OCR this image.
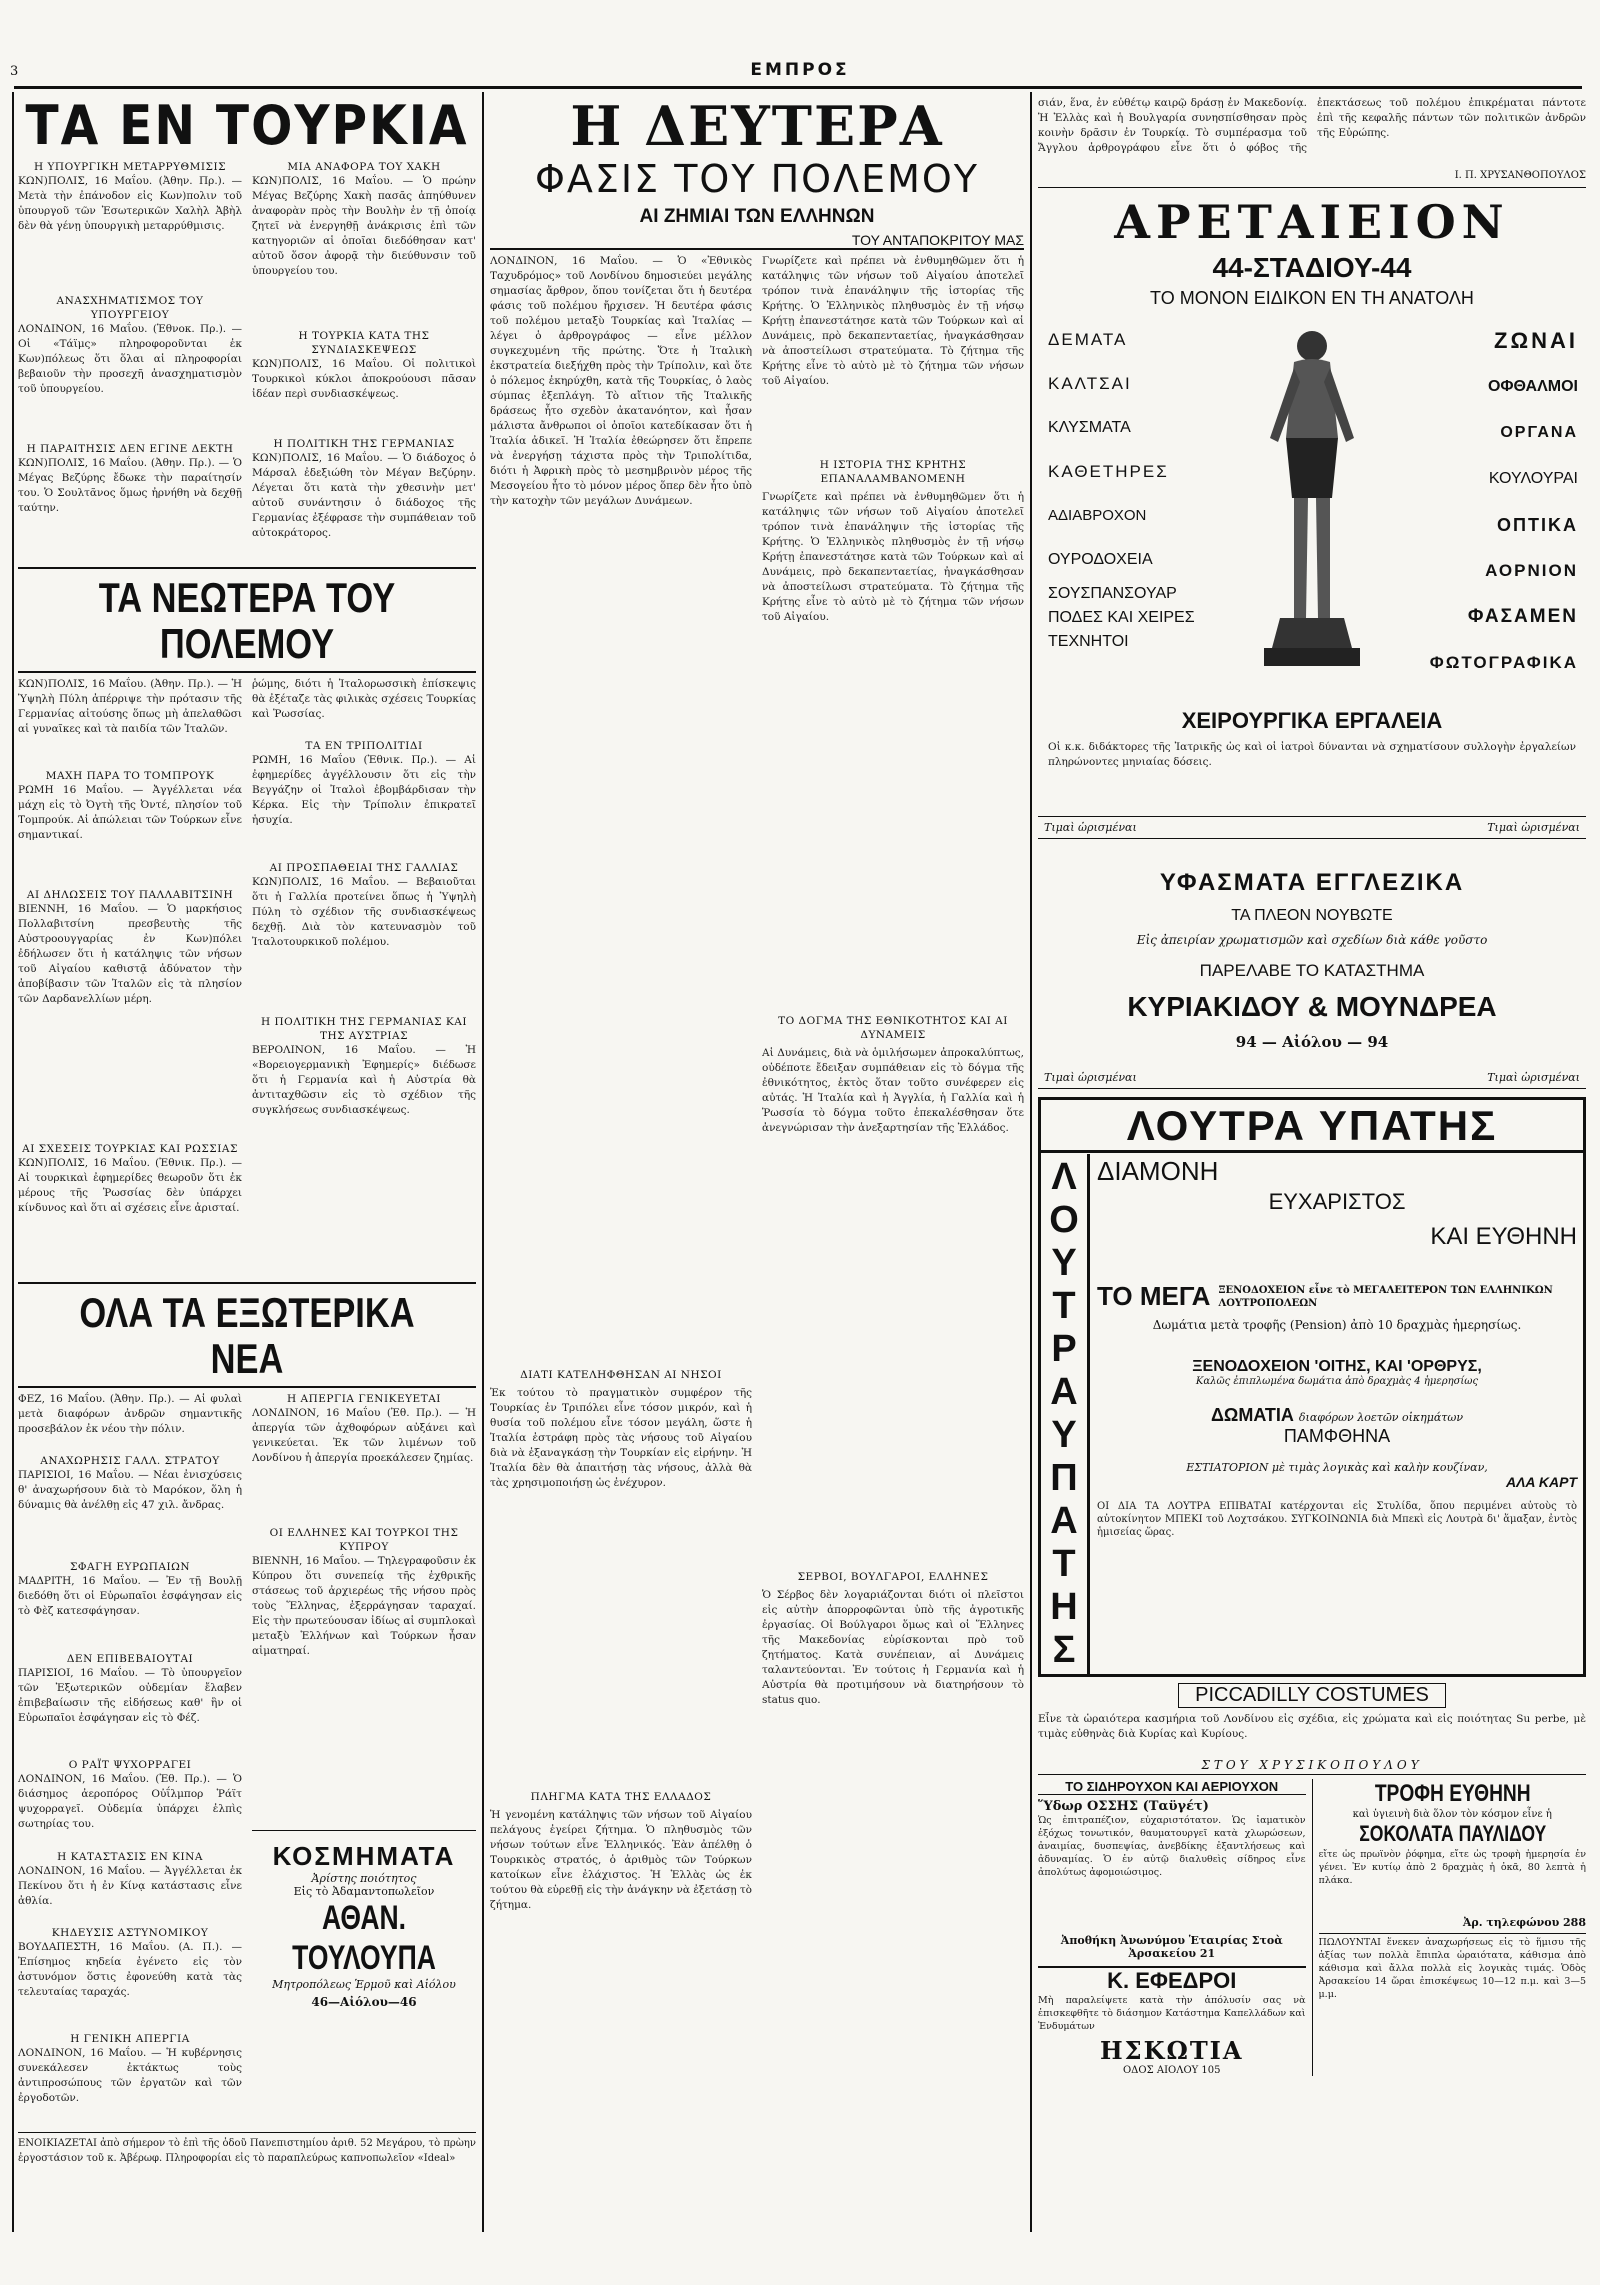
ΕΜΠΡΟΣ
3
ΤΑ ΕΝ ΤΟΥΡΚΙΑ
Η ΥΠΟΥΡΓΙΚΗ ΜΕΤΑΡΡΥΘΜΙΣΙΣ
ΚΩΝ)ΠΟΛΙΣ, 16 Μαΐου. (Ἀθην. Πρ.). — Μετὰ τὴν ἐπάνοδον εἰς Κων)πολιν τοῦ ὑπουργοῦ τῶν Ἐσωτερικῶν Χαλὴλ Ἀβὴλ δὲν θὰ γένῃ ὑπουργικὴ μεταρρύθμισις.
ΑΝΑΣΧΗΜΑΤΙΣΜΟΣ ΤΟΥ ΥΠΟΥΡΓΕΙΟΥ
ΛΟΝΔΙΝΟΝ, 16 Μαΐου. (Ἑθνοκ. Πρ.). — Οἱ «Τάϊμς» πληροφοροῦνται ἐκ Κων)πόλεως ὅτι ὅλαι αἱ πληροφορίαι βεβαιοῦν τὴν προσεχῆ ἀνασχηματισμὸν τοῦ ὑπουργείου.
Η ΠΑΡΑΙΤΗΣΙΣ ΔΕΝ ΕΓΙΝΕ ΔΕΚΤΗ
ΚΩΝ)ΠΟΛΙΣ, 16 Μαΐου. (Ἀθην. Πρ.). — Ὁ Μέγας Βεζύρης ἔδωκε τὴν παραίτησίν του. Ὁ Σουλτᾶνος ὅμως ἠρνήθη νὰ δεχθῇ ταύτην.
ΜΙΑ ΑΝΑΦΟΡΑ ΤΟΥ ΧΑΚΗ
ΚΩΝ)ΠΟΛΙΣ, 16 Μαΐου. — Ὁ πρώην Μέγας Βεζύρης Χακὴ πασᾶς ἀπηύθυνεν ἀναφορὰν πρὸς τὴν Βουλὴν ἐν τῇ ὁποίᾳ ζητεῖ νὰ ἐνεργηθῇ ἀνάκρισις ἐπὶ τῶν κατηγοριῶν αἱ ὁποῖαι διεδόθησαν κατ' αὐτοῦ ὅσον ἀφορᾷ τὴν διεύθυνσιν τοῦ ὑπουργείου του.
Η ΤΟΥΡΚΙΑ ΚΑΤΑ ΤΗΣ ΣΥΝΔΙΑΣΚΕΨΕΩΣ
ΚΩΝ)ΠΟΛΙΣ, 16 Μαΐου. Οἱ πολιτικοὶ Τουρκικοὶ κύκλοι ἀποκρούουσι πᾶσαν ἰδέαν περὶ συνδιασκέψεως.
Η ΠΟΛΙΤΙΚΗ ΤΗΣ ΓΕΡΜΑΝΙΑΣ
ΚΩΝ)ΠΟΛΙΣ, 16 Μαΐου. — Ὁ διάδοχος ὁ Μάρσαλ ἐδεξιώθη τὸν Μέγαν Βεζύρην. Λέγεται ὅτι κατὰ τὴν χθεσινὴν μετ' αὐτοῦ συνάντησιν ὁ διάδοχος τῆς Γερμανίας ἐξέφρασε τὴν συμπάθειαν τοῦ αὐτοκράτορος.
ΤΑ ΝΕΩΤΕΡΑ ΤΟΥ ΠΟΛΕΜΟΥ
ΚΩΝ)ΠΟΛΙΣ, 16 Μαΐου. (Ἀθην. Πρ.). — Ἡ Ὑψηλὴ Πύλη ἀπέρριψε τὴν πρότασιν τῆς Γερμανίας αἰτούσης ὅπως μὴ ἀπελαθῶσι αἱ γυναῖκες καὶ τὰ παιδία τῶν Ἰταλῶν.
ΜΑΧΗ ΠΑΡΑ ΤΟ ΤΟΜΠΡΟΥΚ
ΡΩΜΗ 16 Μαΐου. — Ἀγγέλλεται νέα μάχη εἰς τὸ Ὀγτὴ τῆς Ὀντέ, πλησίον τοῦ Τομπρούκ. Αἱ ἀπώλειαι τῶν Τούρκων εἶνε σημαντικαί.
ΑΙ ΔΗΛΩΣΕΙΣ ΤΟΥ ΠΑΛΛΑΒΙΤΣΙΝΗ
ΒΙΕΝΝΗ, 16 Μαΐου. — Ὁ μαρκήσιος Πολλαβιτσίνη πρεσβευτὴς τῆς Αὐστροουγγαρίας ἐν Κων)πόλει ἐδήλωσεν ὅτι ἡ κατάληψις τῶν νήσων τοῦ Αἰγαίου καθιστᾷ ἀδύνατον τὴν ἀποβίβασιν τῶν Ἰταλῶν εἰς τὰ πλησίον τῶν Δαρδανελλίων μέρη.
ΑΙ ΣΧΕΣΕΙΣ ΤΟΥΡΚΙΑΣ ΚΑΙ ΡΩΣΣΙΑΣ
ΚΩΝ)ΠΟΛΙΣ, 16 Μαΐου. (Ἐθνικ. Πρ.). — Αἱ τουρκικαὶ ἐφημερίδες θεωροῦν ὅτι ἐκ μέρους τῆς Ῥωσσίας δὲν ὑπάρχει κίνδυνος καὶ ὅτι αἱ σχέσεις εἶνε ἀρισταί.
ῥώμης, διότι ἡ Ἰταλορωσσικὴ ἐπίσκεψις θὰ ἐξέταζε τὰς φιλικὰς σχέσεις Τουρκίας καὶ Ῥωσσίας.
ΤΑ ΕΝ ΤΡΙΠΟΛΙΤΙΔΙ
ΡΩΜΗ, 16 Μαΐου (Ἑθνικ. Πρ.). — Αἱ ἐφημερίδες ἀγγέλλουσιν ὅτι εἰς τὴν Βεγγάζην οἱ Ἰταλοὶ ἐβομβάρδισαν τὴν Κέρκα. Εἰς τὴν Τρίπολιν ἐπικρατεῖ ἡσυχία.
ΑΙ ΠΡΟΣΠΑΘΕΙΑΙ ΤΗΣ ΓΑΛΛΙΑΣ
ΚΩΝ)ΠΟΛΙΣ, 16 Μαΐου. — Βεβαιοῦται ὅτι ἡ Γαλλία προτείνει ὅπως ἡ Ὑψηλὴ Πύλη τὸ σχέδιον τῆς συνδιασκέψεως δεχθῇ. Διὰ τὸν κατευνασμὸν τοῦ Ἰταλοτουρκικοῦ πολέμου.
Η ΠΟΛΙΤΙΚΗ ΤΗΣ ΓΕΡΜΑΝΙΑΣ ΚΑΙ ΤΗΣ ΑΥΣΤΡΙΑΣ
ΒΕΡΟΛΙΝΟΝ, 16 Μαΐου. — Ἡ «Βορειογερμανικὴ Ἐφημερίς» διέδωσε ὅτι ἡ Γερμανία καὶ ἡ Αὐστρία θὰ ἀντιταχθῶσιν εἰς τὸ σχέδιον τῆς συγκλήσεως συνδιασκέψεως.
ΟΛΑ ΤΑ ΕΞΩΤΕΡΙΚΑ ΝΕΑ
ΦΕΖ, 16 Μαΐου. (Ἀθην. Πρ.). — Αἱ φυλαὶ μετὰ διαφόρων ἀνδρῶν σημαντικῆς προσεβάλον ἐκ νέου τὴν πόλιν.
ΑΝΑΧΩΡΗΣΙΣ ΓΑΛΛ. ΣΤΡΑΤΟΥ
ΠΑΡΙΣΙΟΙ, 16 Μαΐου. — Νέαι ἐνισχύσεις θ' ἀναχωρήσουν διὰ τὸ Μαρόκον, ὅλη ἡ δύναμις θὰ ἀνέλθῃ εἰς 47 χιλ. ἄνδρας.
ΣΦΑΓΗ ΕΥΡΩΠΑΙΩΝ
ΜΑΔΡΙΤΗ, 16 Μαΐου. — Ἐν τῇ Βουλῇ διεδόθη ὅτι οἱ Εὐρωπαῖοι ἐσφάγησαν εἰς τὸ Φὲζ κατεσφάγησαν.
ΔΕΝ ΕΠΙΒΕΒΑΙΟΥΤΑΙ
ΠΑΡΙΣΙΟΙ, 16 Μαΐου. — Τὸ ὑπουργεῖον τῶν Ἐξωτερικῶν οὐδεμίαν ἔλαβεν ἐπιβεβαίωσιν τῆς εἰδήσεως καθ' ἣν οἱ Εὐρωπαῖοι ἐσφάγησαν εἰς τὸ Φέζ.
Ο ΡΑΪΤ ΨΥΧΟΡΡΑΓΕΙ
ΛΟΝΔΙΝΟΝ, 16 Μαΐου. (Ἐθ. Πρ.). — Ὁ διάσημος ἀεροπόρος Οὐΐλμπορ Ῥάϊτ ψυχορραγεῖ. Οὐδεμία ὑπάρχει ἐλπὶς σωτηρίας του.
Η ΚΑΤΑΣΤΑΣΙΣ ΕΝ ΚΙΝΑ
ΛΟΝΔΙΝΟΝ, 16 Μαΐου. — Ἀγγέλλεται ἐκ Πεκίνου ὅτι ἡ ἐν Κίνᾳ κατάστασις εἶνε ἀθλία.
ΚΗΔΕΥΣΙΣ ΑΣΤΥΝΟΜΙΚΟΥ
ΒΟΥΔΑΠΕΣΤΗ, 16 Μαΐου. (Α. Π.). — Ἐπίσημος κηδεία ἐγένετο εἰς τὸν ἀστυνόμον ὅστις ἐφονεύθη κατὰ τὰς τελευταίας ταραχάς.
Η ΓΕΝΙΚΗ ΑΠΕΡΓΙΑ
ΛΟΝΔΙΝΟΝ, 16 Μαΐου. — Ἡ κυβέρνησις συνεκάλεσεν ἐκτάκτως τοὺς ἀντιπροσώπους τῶν ἐργατῶν καὶ τῶν ἐργοδοτῶν.
Η ΑΠΕΡΓΙΑ ΓΕΝΙΚΕΥΕΤΑΙ
ΛΟΝΔΙΝΟΝ, 16 Μαΐου (Ἐθ. Πρ.). — Ἡ ἀπεργία τῶν ἀχθοφόρων αὐξάνει καὶ γενικεύεται. Ἐκ τῶν λιμένων τοῦ Λονδίνου ἡ ἀπεργία προεκάλεσεν ζημίας.
ΟΙ ΕΛΛΗΝΕΣ ΚΑΙ ΤΟΥΡΚΟΙ ΤΗΣ ΚΥΠΡΟΥ
ΒΙΕΝΝΗ, 16 Μαΐου. — Τηλεγραφοῦσιν ἐκ Κύπρου ὅτι συνεπείᾳ τῆς ἐχθρικῆς στάσεως τοῦ ἀρχιερέως τῆς νήσου πρὸς τοὺς Ἕλληνας, ἐξερράγησαν ταραχαί. Εἰς τὴν πρωτεύουσαν ἰδίως αἱ συμπλοκαὶ μεταξὺ Ἑλλήνων καὶ Τούρκων ἦσαν αἱματηραί.
ΚΟΣΜΗΜΑΤΑ
Ἀρίστης ποιότητος
Εἰς τὸ Ἀδαμαντοπωλεῖον
ΑΘΑΝ. ΤΟΥΛΟΥΠΑ
Μητροπόλεως Ἑρμοῦ καὶ Αἰόλου
46—Αἰόλου—46
ΕΝΟΙΚΙΑΖΕΤΑΙ ἀπὸ σήμερον τὸ ἐπὶ τῆς ὁδοῦ Πανεπιστημίου ἀριθ. 52 Μεγάρου, τὸ πρὼην ἐργοστάσιον τοῦ κ. Ἀβέρωφ. Πληροφορίαι εἰς τὸ παραπλεύρως καπνοπωλεῖον «Ideal»
Η ΔΕΥΤΕΡΑ
ΦΑΣΙΣ ΤΟΥ ΠΟΛΕΜΟΥ
ΑΙ ΖΗΜΙΑΙ ΤΩΝ ΕΛΛΗΝΩΝ
ΤΟΥ ΑΝΤΑΠΟΚΡΙΤΟΥ ΜΑΣ
ΛΟΝΔΙΝΟΝ, 16 Μαΐου. — Ὁ «Ἐθνικὸς Ταχυδρόμος» τοῦ Λονδίνου δημοσιεύει μεγάλης σημασίας ἄρθρον, ὅπου τονίζεται ὅτι ἡ δευτέρα φάσις τοῦ πολέμου ἤρχισεν. Ἡ δευτέρα φάσις τοῦ πολέμου μεταξὺ Τουρκίας καὶ Ἰταλίας — λέγει ὁ ἀρθρογράφος — εἶνε μέλλον συγκεχυμένη τῆς πρώτης. Ὅτε ἡ Ἰταλικὴ ἐκστρατεία διεξήχθη πρὸς τὴν Τρίπολιν, καὶ ὅτε ὁ πόλεμος ἐκηρύχθη, κατὰ τῆς Τουρκίας, ὁ λαὸς σύμπας ἐξεπλάγη. Τὸ αἴτιον τῆς Ἰταλικῆς δράσεως ἦτο σχεδὸν ἀκατανόητον, καὶ ἦσαν μάλιστα ἄνθρωποι οἱ ὁποῖοι κατεδίκασαν ὅτι ἡ Ἰταλία ἀδικεῖ. Ἡ Ἰταλία ἐθεώρησεν ὅτι ἔπρεπε νὰ ἐνεργήσῃ τάχιστα πρὸς τὴν Τριπολίτιδα, διότι ἡ Ἀφρικὴ πρὸς τὸ μεσημβρινὸν μέρος τῆς Μεσογείου ἦτο τὸ μόνον μέρος ὅπερ δὲν ἦτο ὑπὸ τὴν κατοχὴν τῶν μεγάλων Δυνάμεων.
ΔΙΑΤΙ ΚΑΤΕΛΗΦΘΗΣΑΝ ΑΙ ΝΗΣΟΙ
Ἐκ τούτου τὸ πραγματικὸν συμφέρον τῆς Τουρκίας ἐν Τριπόλει εἶνε τόσον μικρόν, καὶ ἡ θυσία τοῦ πολέμου εἶνε τόσον μεγάλη, ὥστε ἡ Ἰταλία ἐστράφη πρὸς τὰς νήσους τοῦ Αἰγαίου διὰ νὰ ἐξαναγκάσῃ τὴν Τουρκίαν εἰς εἰρήνην. Ἡ Ἰταλία δὲν θὰ ἀπαιτήσῃ τὰς νήσους, ἀλλὰ θὰ τὰς χρησιμοποιήσῃ ὡς ἐνέχυρον.
ΠΛΗΓΜΑ ΚΑΤΑ ΤΗΣ ΕΛΛΑΔΟΣ
Ἡ γενομένη κατάληψις τῶν νήσων τοῦ Αἰγαίου πελάγους ἐγείρει ζήτημα. Ὁ πληθυσμὸς τῶν νήσων τούτων εἶνε Ἑλληνικός. Ἐὰν ἀπέλθῃ ὁ Τουρκικὸς στρατός, ὁ ἀριθμὸς τῶν Τούρκων κατοίκων εἶνε ἐλάχιστος. Ἡ Ἑλλὰς ὡς ἐκ τούτου θὰ εὑρεθῇ εἰς τὴν ἀνάγκην νὰ ἐξετάσῃ τὸ ζήτημα.
Γνωρίζετε καὶ πρέπει νὰ ἐνθυμηθῶμεν ὅτι ἡ κατάληψις τῶν νήσων τοῦ Αἰγαίου ἀποτελεῖ τρόπον τινὰ ἐπανάληψιν τῆς ἱστορίας τῆς Κρήτης. Ὁ Ἑλληνικὸς πληθυσμὸς ἐν τῇ νήσῳ Κρήτῃ ἐπανεστάτησε κατὰ τῶν Τούρκων καὶ αἱ Δυνάμεις, πρὸ δεκαπενταετίας, ἠναγκάσθησαν νὰ ἀποστείλωσι στρατεύματα. Τὸ ζήτημα τῆς Κρήτης εἶνε τὸ αὐτὸ μὲ τὸ ζήτημα τῶν νήσων τοῦ Αἰγαίου.
Η ΙΣΤΟΡΙΑ ΤΗΣ ΚΡΗΤΗΣ ΕΠΑΝΑΛΑΜΒΑΝΟΜΕΝΗ
Γνωρίζετε καὶ πρέπει νὰ ἐνθυμηθῶμεν ὅτι ἡ κατάληψις τῶν νήσων τοῦ Αἰγαίου ἀποτελεῖ τρόπον τινὰ ἐπανάληψιν τῆς ἱστορίας τῆς Κρήτης. Ὁ Ἑλληνικὸς πληθυσμὸς ἐν τῇ νήσῳ Κρήτῃ ἐπανεστάτησε κατὰ τῶν Τούρκων καὶ αἱ Δυνάμεις, πρὸ δεκαπενταετίας, ἠναγκάσθησαν νὰ ἀποστείλωσι στρατεύματα. Τὸ ζήτημα τῆς Κρήτης εἶνε τὸ αὐτὸ μὲ τὸ ζήτημα τῶν νήσων τοῦ Αἰγαίου.
ΤΟ ΔΟΓΜΑ ΤΗΣ ΕΘΝΙΚΟΤΗΤΟΣ ΚΑΙ ΑΙ ΔΥΝΑΜΕΙΣ
Αἱ Δυνάμεις, διὰ νὰ ὁμιλήσωμεν ἀπροκαλύπτως, οὐδέποτε ἔδειξαν συμπάθειαν εἰς τὸ δόγμα τῆς ἐθνικότητος, ἐκτὸς ὅταν τοῦτο συνέφερεν εἰς αὐτάς. Ἡ Ἰταλία καὶ ἡ Ἀγγλία, ἡ Γαλλία καὶ ἡ Ῥωσσία τὸ δόγμα τοῦτο ἐπεκαλέσθησαν ὅτε ἀνεγνώρισαν τὴν ἀνεξαρτησίαν τῆς Ἑλλάδος.
ΣΕΡΒΟΙ, ΒΟΥΛΓΑΡΟΙ, ΕΛΛΗΝΕΣ
Ὁ Σέρβος δὲν λογαριάζονται διότι οἱ πλεῖστοι εἰς αὐτὴν ἀπορροφῶνται ὑπὸ τῆς ἀγροτικῆς ἐργασίας. Οἱ Βούλγαροι ὅμως καὶ οἱ Ἕλληνες τῆς Μακεδονίας εὑρίσκονται πρὸ τοῦ ζητήματος. Κατὰ συνέπειαν, αἱ Δυνάμεις ταλαντεύονται. Ἐν τούτοις ἡ Γερμανία καὶ ἡ Αὐστρία θὰ προτιμήσουν νὰ διατηρήσουν τὸ status quo.
σιάν, ἕνα, ἐν εὐθέτῳ καιρῷ δράσῃ ἐν Μακεδονίᾳ. Ἡ Ἑλλὰς καὶ ἡ Βουλγαρία συνησπίσθησαν πρὸς κοινὴν δρᾶσιν ἐν Τουρκίᾳ. Τὸ συμπέρασμα τοῦ Ἄγγλου ἀρθρογράφου εἶνε ὅτι ὁ φόβος τῆς ἐπεκτάσεως τοῦ πολέμου ἐπικρέμαται πάντοτε ἐπὶ τῆς κεφαλῆς πάντων τῶν πολιτικῶν ἀνδρῶν τῆς Εὐρώπης.
Ι. Π. ΧΡΥΣΑΝΘΟΠΟΥΛΟΣ
ΑΡΕΤΑΙΕΙΟΝ
44-ΣΤΑΔΙΟΥ-44
ΤΟ ΜΟΝΟΝ ΕΙΔΙΚΟΝ ΕΝ ΤΗ ΑΝΑΤΟΛΗ
ΔΕΜΑΤΑ
ΚΑΛΤΣΑΙ
ΚΛΥΣΜΑΤΑ
ΚΑΘΕΤΗΡΕΣ
ΑΔΙΑΒΡΟΧΟΝ
ΟΥΡΟΔΟΧΕΙΑ
ΣΟΥΣΠΑΝΣΟΥΑΡ
ΠΟΔΕΣ ΚΑΙ ΧΕΙΡΕΣ
ΤΕΧΝΗΤΟΙ
ΖΩΝΑΙ
ΟΦΘΑΛΜΟΙ
ΟΡΓΑΝΑ
ΚΟΥΛΟΥΡΑΙ
ΟΠΤΙΚΑ
ΑΟΡΝΙΟΝ
ΦΑΣΑΜΕΝ
ΦΩΤΟΓΡΑΦΙΚΑ
ΧΕΙΡΟΥΡΓΙΚΑ ΕΡΓΑΛΕΙΑ
Οἱ κ.κ. διδάκτορες τῆς Ἰατρικῆς ὡς καὶ οἱ ἰατροὶ δύνανται νὰ σχηματίσουν συλλογὴν ἐργαλείων πληρώνοντες μηνιαίας δόσεις.
Τιμαὶ ὡρισμέναι	Τιμαὶ ὡρισμέναι
ΥΦΑΣΜΑΤΑ ΕΓΓΛΕΖΙΚΑ
ΤΑ ΠΛΕΟΝ ΝΟΥΒΩΤΕ
Εἰς ἀπειρίαν χρωματισμῶν καὶ σχεδίων διὰ κάθε γοῦστο
ΠΑΡΕΛΑΒΕ ΤΟ ΚΑΤΑΣΤΗΜΑ
ΚΥΡΙΑΚΙΔΟΥ & ΜΟΥΝΔΡΕΑ
94 — Αἰόλου — 94
Τιμαὶ ὡρισμέναι	Τιμαὶ ὡρισμέναι
ΛΟΥΤΡΑ ΥΠΑΤΗΣ
Λ
Ο
Υ
Τ
Ρ
Α
Υ
Π
Α
Τ
Η
Σ
ΔΙΑΜΟΝΗ
ΕΥΧΑΡΙΣΤΟΣ
ΚΑΙ ΕΥΘΗΝΗ
ΤΟ ΜΕΓΑ ΞΕΝΟΔΟΧΕΙΟΝ εἶνε τὸ ΜΕΓΑΛΕΙΤΕΡΟΝ ΤΩΝ ΕΛΛΗΝΙΚΩΝ ΛΟΥΤΡΟΠΟΛΕΩΝ
Δωμάτια μετὰ τροφῆς (Pension) ἀπὸ 10 δραχμὰς ἡμερησίως.
ΞΕΝΟΔΟΧΕΙΟΝ 'ΟΙΤΗΣ, ΚΑΙ 'ΟΡΘΡΥΣ,
Καλῶς ἐπιπλωμένα δωμάτια ἀπὸ δραχμὰς 4 ἡμερησίως
ΔΩΜΑΤΙΑ διαφόρων λοετῶν οἰκημάτων
ΠΑΜΦΘΗΝΑ
ΕΣΤΙΑΤΟΡΙΟΝ μὲ τιμὰς λογικὰς καὶ καλὴν κουζίναν,
ΑΛΑ ΚΑΡΤ
ΟΙ ΔΙΑ ΤΑ ΛΟΥΤΡΑ ΕΠΙΒΑΤΑΙ κατέρχονται εἰς Στυλίδα, ὅπου περιμένει αὐτοὺς τὸ αὐτοκίνητον ΜΠΕΚΙ τοῦ Λοχτσάκου. ΣΥΓΚΟΙΝΩΝΙΑ διὰ Μπεκὶ εἰς Λουτρὰ δι' ἅμαξαν, ἐντὸς ἡμισείας ὥρας.
PICCADILLY COSTUMES
Εἶνε τὰ ὡραιότερα κασμήρια τοῦ Λονδίνου εἰς σχέδια, εἰς χρώματα καὶ εἰς ποιότητας Su perbe, μὲ τιμὰς εὐθηνὰς διὰ Κυρίας καὶ Κυρίους.
ΣΤΟΥ ΧΡΥΣΙΚΟΠΟΥΛΟΥ
ΤΟ ΣΙΔΗΡΟΥΧΟΝ ΚΑΙ ΑΕΡΙΟΥΧΟΝ
Ὕδωρ ΟΣΣΗΣ (Ταϋγέτ)
Ὡς ἐπιτραπέζιον, εὐχαριστότατον. Ὡς ἰαματικὸν ἐξόχως τονωτικόν, θαυματουργεῖ κατὰ χλωρώσεων, ἀναιμίας, δυσπεψίας, ἀνεβδίκης ἐξαντλήσεως καὶ ἀδυναμίας. Ὁ ἐν αὐτῷ διαλυθεὶς σίδηρος εἶνε ἀπολύτως ἀφομοιώσιμος.
Ἀποθήκη Ἀνωνύμου Ἑταιρίας Στοὰ Ἀρσακείου 21
Κ. ΕΦΕΔΡΟΙ
Μὴ παραλείψετε κατὰ τὴν ἀπόλυσίν σας νὰ ἐπισκεφθῆτε τὸ διάσημον Κατάστημα Καπελλάδων καὶ Ἐνδυμάτων
ΗΣΚΩΤΙΑ
ΟΔΟΣ ΑΙΟΛΟΥ 105
ΤΡΟΦΗ ΕΥΘΗΝΗ
καὶ ὑγιεινὴ διὰ ὅλον τὸν κόσμον εἶνε ἡ
ΣΟΚΟΛΑΤΑ ΠΑΥΛΙΔΟΥ
εἴτε ὡς πρωϊνὸν ῥόφημα, εἴτε ὡς τροφὴ ἡμερησία ἐν γένει. Ἐν κυτίῳ ἀπὸ 2 δραχμὰς ἡ ὀκᾶ, 80 λεπτὰ ἡ πλάκα.
Ἀρ. τηλεφώνου 288
ΠΩΛΟΥΝΤΑΙ ἕνεκεν ἀναχωρήσεως εἰς τὸ ἥμισυ τῆς ἀξίας των πολλὰ ἔπιπλα ὡραιότατα, κάθισμα ἀπὸ κάθισμα καὶ ἄλλα πολλὰ εἰς λογικὰς τιμάς. Ὁδὸς Ἀρσακείου 14 ὥραι ἐπισκέψεως 10—12 π.μ. καὶ 3—5 μ.μ.
